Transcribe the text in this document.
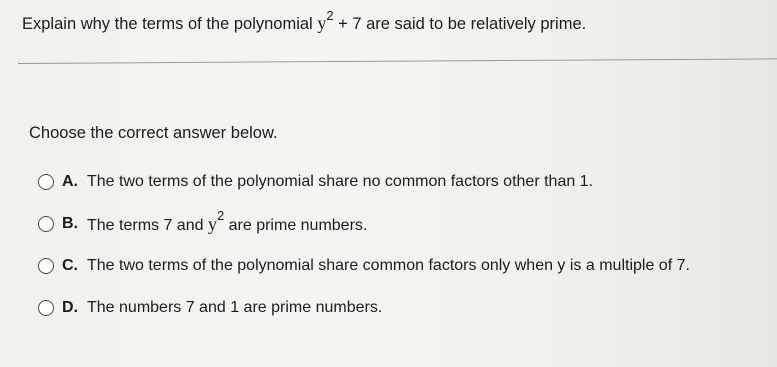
Explain why the terms of the polynomial $y^2 + 7$ are said to be relatively prime.
Choose the correct answer below.
A. The two terms of the polynomial share no common factors other than 1.
B. The terms 7 and $y^2$ are prime numbers.
C. The two terms of the polynomial share common factors only when y is a multiple of 7.
D. The numbers 7 and 1 are prime numbers.
